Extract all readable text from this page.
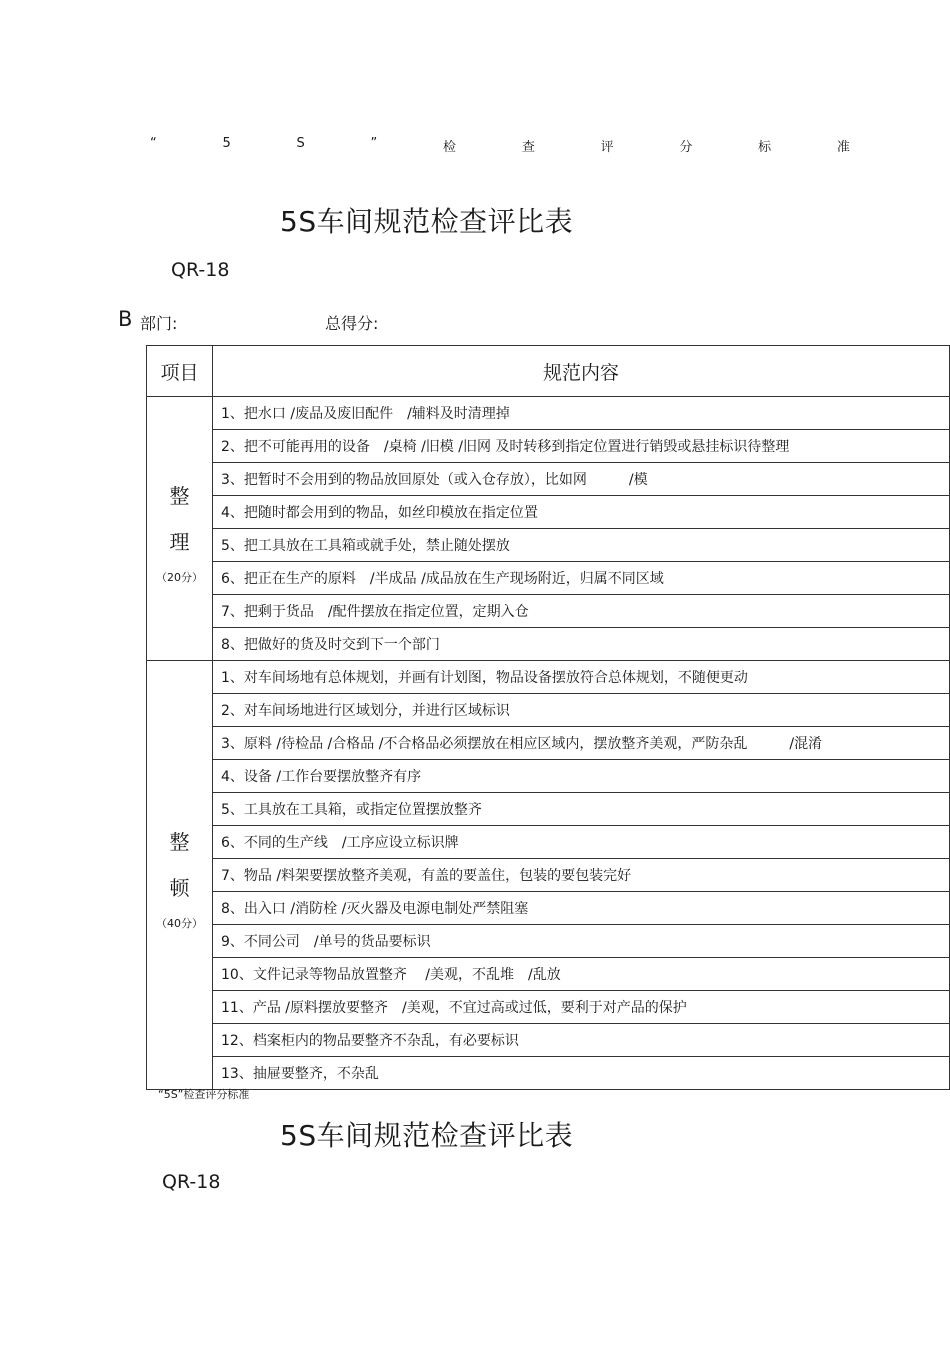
“	5	S	”	检	查	评	分	标	准
5S车间规范检查评比表
QR-18
B 部门:	总得分:
项目	规范内容

整
理
（20分）	1、把水口 /废品及废旧配件　/辅料及时清理掉
	2、把不可能再用的设备　/桌椅 /旧模 /旧网 及时转移到指定位置进行销毁或悬挂标识待整理
	3、把暂时不会用到的物品放回原处（或入仓存放），比如网　　　/模
	4、把随时都会用到的物品，如丝印模放在指定位置
	5、把工具放在工具箱或就手处，禁止随处摆放
	6、把正在生产的原料　/半成品 /成品放在生产现场附近，归属不同区域
	7、把剩于货品　/配件摆放在指定位置，定期入仓
	8、把做好的货及时交到下一个部门

整
顿
（40分）	1、对车间场地有总体规划，并画有计划图，物品设备摆放符合总体规划，不随便更动
	2、对车间场地进行区域划分，并进行区域标识
	3、原料 /待检品 /合格品 /不合格品必须摆放在相应区域内，摆放整齐美观，严防杂乱　　　/混淆
	4、设备 /工作台要摆放整齐有序
	5、工具放在工具箱，或指定位置摆放整齐
	6、不同的生产线　/工序应设立标识牌
	7、物品 /料架要摆放整齐美观，有盖的要盖住，包装的要包装完好
	8、出入口 /消防栓 /灭火器及电源电制处严禁阻塞
	9、不同公司　/单号的货品要标识
	10、文件记录等物品放置整齐　 /美观，不乱堆　/乱放
	11、产品 /原料摆放要整齐　/美观，不宜过高或过低，要利于对产品的保护
	12、档案柜内的物品要整齐不杂乱，有必要标识
	13、抽屉要整齐，不杂乱
“5S”检查评分标准
5S车间规范检查评比表
QR-18
